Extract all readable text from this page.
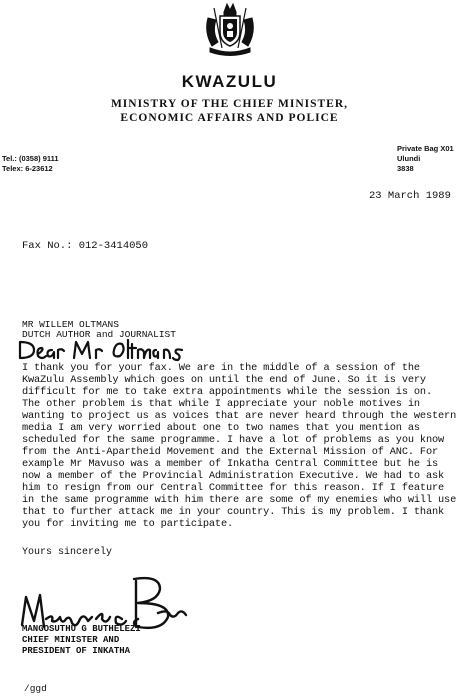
KWAZULU
MINISTRY OF THE CHIEF MINISTER,
ECONOMIC AFFAIRS AND POLICE
Tel.: (0358) 9111
Telex: 6-23612
Private Bag X01
Ulundi
3838
23 March 1989
Fax No.: 012-3414050
MR WILLEM OLTMANS
DUTCH AUTHOR and JOURNALIST
I thank you for your fax. We are in the middle of a session of the
KwaZulu Assembly which goes on until the end of June. So it is very
difficult for me to take extra appointments while the session is on.
The other problem is that while I appreciate your noble motives in
wanting to project us as voices that are never heard through the western
media I am very worried about one to two names that you mention as
scheduled for the same programme. I have a lot of problems as you know
from the Anti-Apartheid Movement and the External Mission of ANC. For
example Mr Mavuso was a member of Inkatha Central Committee but he is
now a member of the Provincial Administration Executive. We had to ask
him to resign from our Central Committee for this reason. If I feature
in the same programme with him there are some of my enemies who will use
that to further attack me in your country. This is my problem. I thank
you for inviting me to participate.
Yours sincerely
MANGOSUTHU G BUTHELEZI
CHIEF MINISTER AND
PRESIDENT OF INKATHA
/ggd
